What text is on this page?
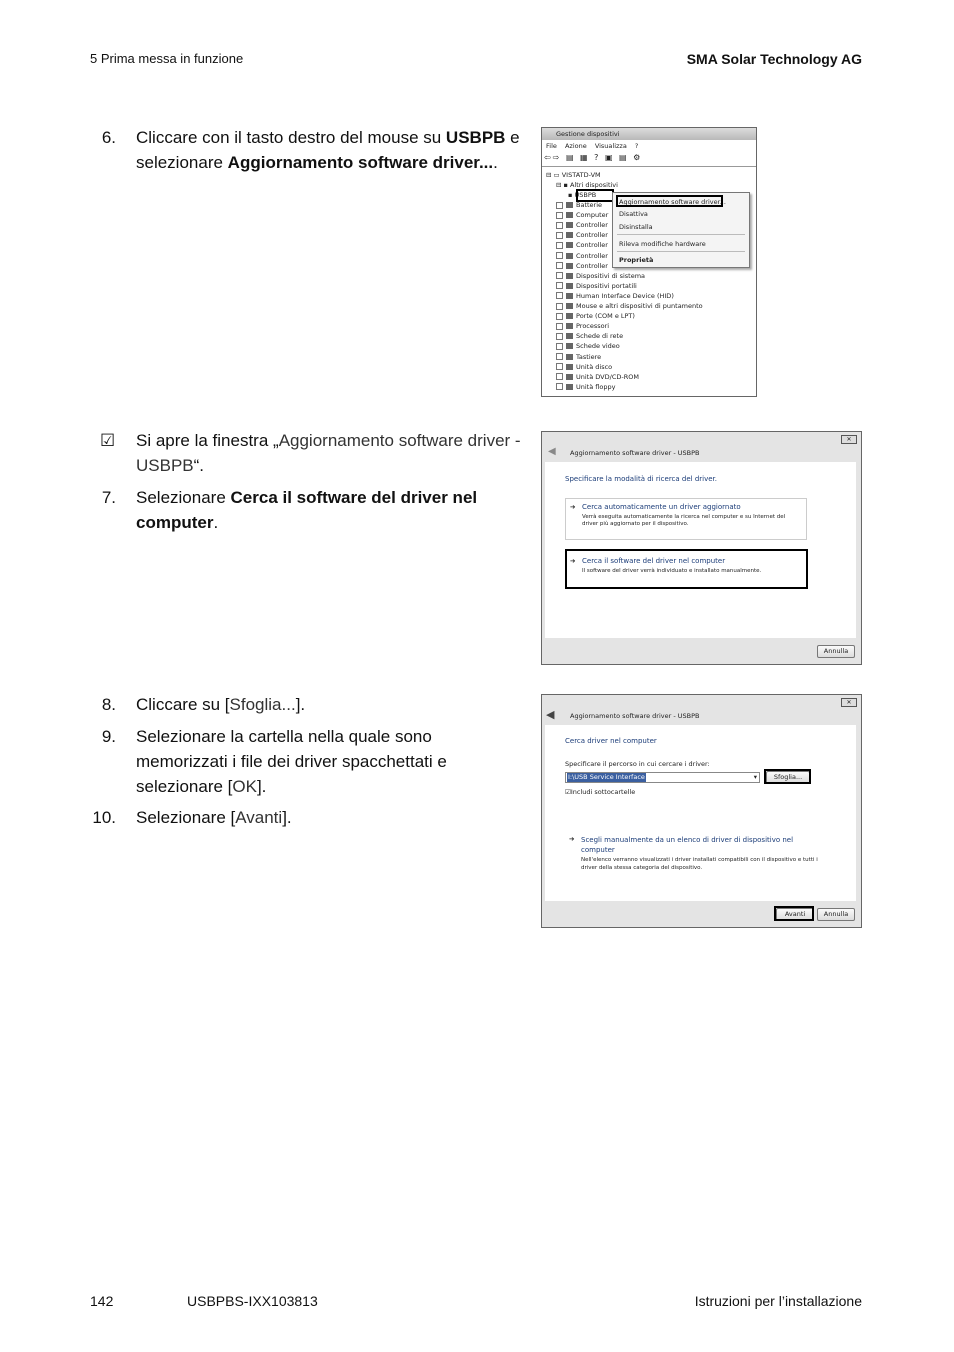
5 Prima messa in funzione	SMA Solar Technology AG
6. Cliccare con il tasto destro del mouse su USBPB e selezionare Aggiornamento software driver....
☑ Si apre la finestra „Aggiornamento software driver - USBPB“.
7. Selezionare Cerca il software del driver nel computer.
8. Cliccare su [Sfoglia...].
9. Selezionare la cartella nella quale sono memorizzati i file dei driver spacchettati e selezionare [OK].
10. Selezionare [Avanti].
Gestione dispositivi
File Azione Visualizza ?
⇦⇨ ▤ ▦ ? ▣ ▤ ⚙
⊟ ▭ VISTATD-VM
⊟ ▪ Altri dispositivi
▪ USBPB
Batterie
Computer
Controller
Controller
Controller
Controller
Controller
Dispositivi di sistema
Dispositivi portatili
Human Interface Device (HID)
Mouse e altri dispositivi di puntamento
Porte (COM e LPT)
Processori
Schede di rete
Schede video
Tastiere
Unità disco
Unità DVD/CD-ROM
Unità floppy
Aggiornamento software driver...
Disattiva
Disinstalla
Rileva modifiche hardware
Proprietà
✕
◀ Aggiornamento software driver - USBPB
Specificare la modalità di ricerca del driver.
➔ Cerca automaticamente un driver aggiornato
Verrà eseguita automaticamente la ricerca nel computer e su Internet del driver più aggiornato per il dispositivo.
➔ Cerca il software del driver nel computer
Il software del driver verrà individuato e installato manualmente.
Annulla
✕
◀ Aggiornamento software driver - USBPB
Cerca driver nel computer
Specificare il percorso in cui cercare i driver:
I:\USB Service Interface	▾	Sfoglia...
☑Includi sottocartelle
➔ Scegli manualmente da un elenco di driver di dispositivo nel computer
Nell'elenco verranno visualizzati i driver installati compatibili con il dispositivo e tutti i driver della stessa categoria del dispositivo.
Avanti	Annulla
142	USBPBS-IXX103813	Istruzioni per l’installazione
